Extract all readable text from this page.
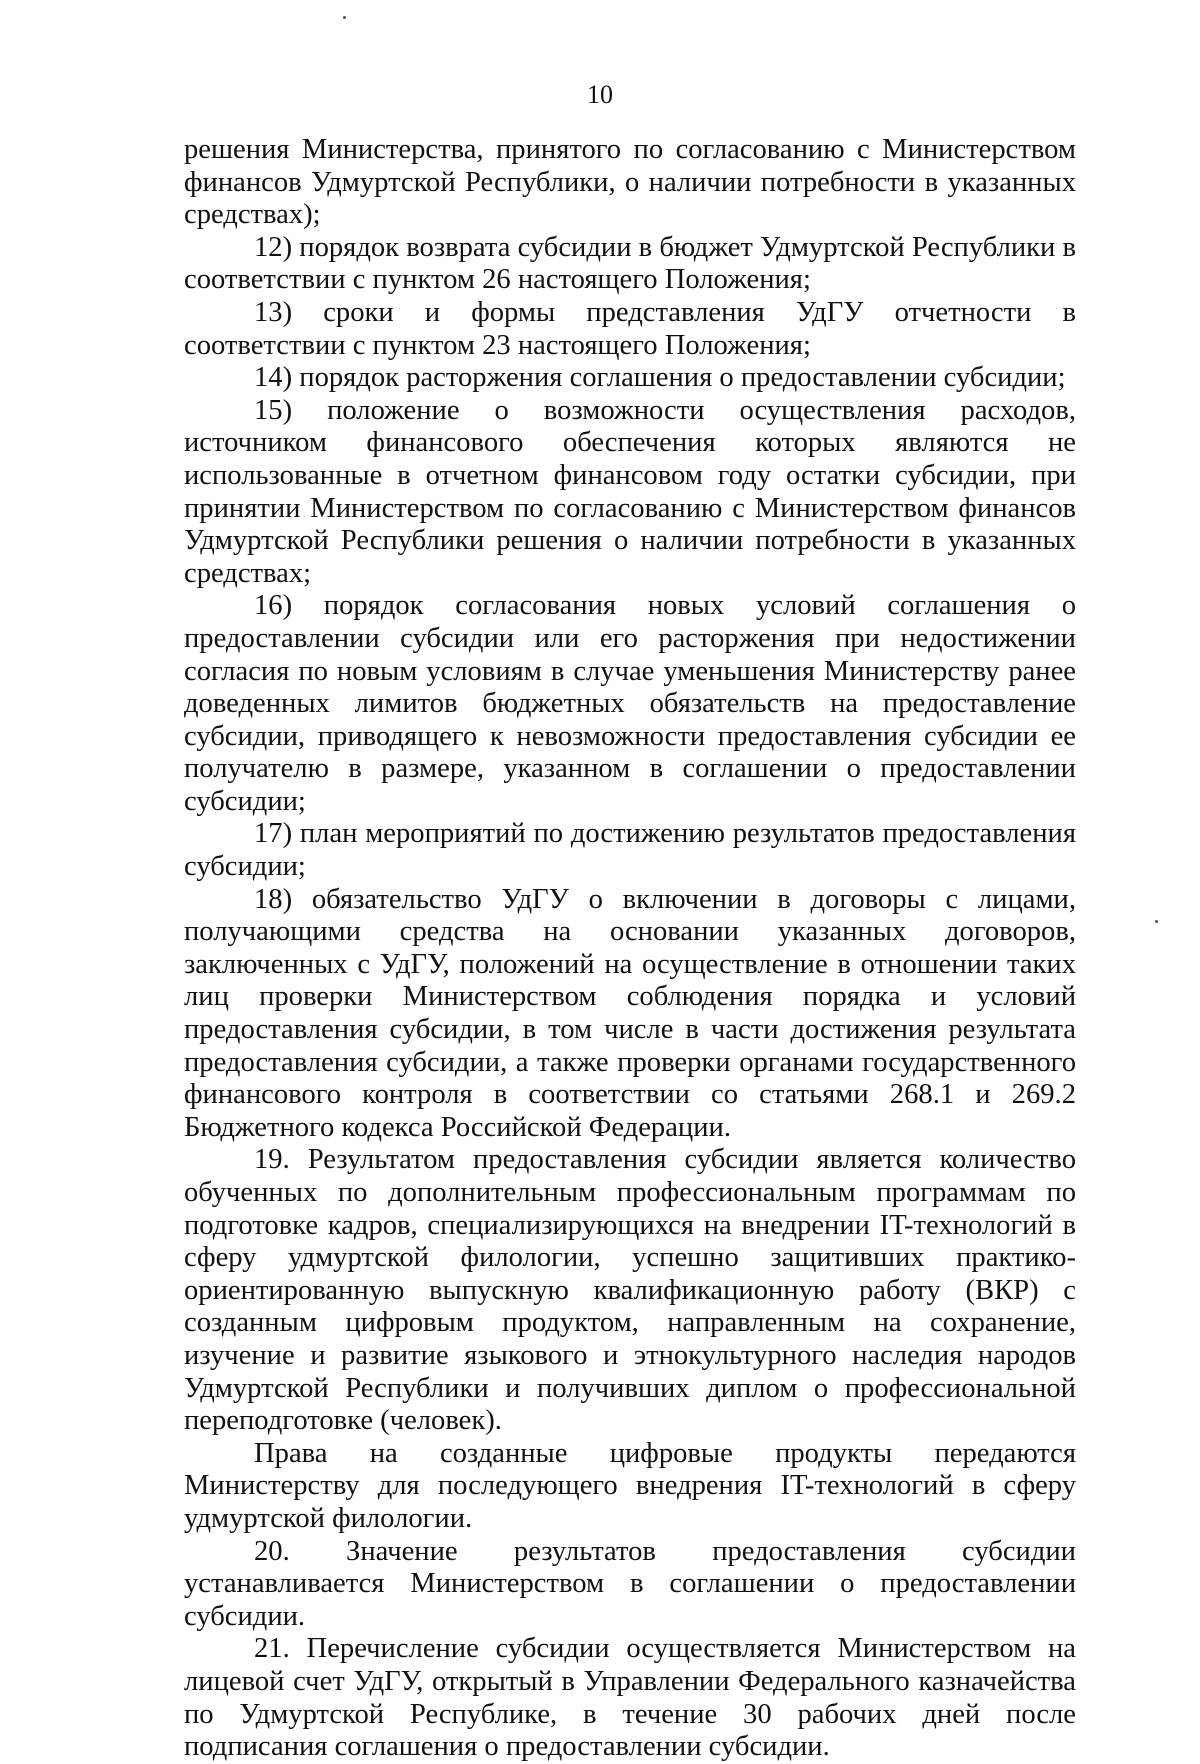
10

решения Министерства, принятого по согласованию с Министерством финансов Удмуртской Республики, о наличии потребности в указанных средствах);

12) порядок возврата субсидии в бюджет Удмуртской Республики в соответствии с пунктом 26 настоящего Положения;

13) сроки и формы представления УдГУ отчетности в соответствии с пунктом 23 настоящего Положения;

14) порядок расторжения соглашения о предоставлении субсидии;

15) положение о возможности осуществления расходов, источником финансового обеспечения которых являются не использованные в отчетном финансовом году остатки субсидии, при принятии Министерством по согласованию с Министерством финансов Удмуртской Республики решения о наличии потребности в указанных средствах;

16) порядок согласования новых условий соглашения о предоставлении субсидии или его расторжения при недостижении согласия по новым условиям в случае уменьшения Министерству ранее доведенных лимитов бюджетных обязательств на предоставление субсидии, приводящего к невозможности предоставления субсидии ее получателю в размере, указанном в соглашении о предоставлении субсидии;

17) план мероприятий по достижению результатов предоставления субсидии;

18) обязательство УдГУ о включении в договоры с лицами, получающими средства на основании указанных договоров, заключенных с УдГУ, положений на осуществление в отношении таких лиц проверки Министерством соблюдения порядка и условий предоставления субсидии, в том числе в части достижения результата предоставления субсидии, а также проверки органами государственного финансового контроля в соответствии со статьями 268.1 и 269.2 Бюджетного кодекса Российской Федерации.

19. Результатом предоставления субсидии является количество обученных по дополнительным профессиональным программам по подготовке кадров, специализирующихся на внедрении IT-технологий в сферу удмуртской филологии, успешно защитивших практико-ориентированную выпускную квалификационную работу (ВКР) с созданным цифровым продуктом, направленным на сохранение, изучение и развитие языкового и этнокультурного наследия народов Удмуртской Республики и получивших диплом о профессиональной переподготовке (человек).

Права на созданные цифровые продукты передаются Министерству для последующего внедрения IT-технологий в сферу удмуртской филологии.

20. Значение результатов предоставления субсидии устанавливается Министерством в соглашении о предоставлении субсидии.

21. Перечисление субсидии осуществляется Министерством на лицевой счет УдГУ, открытый в Управлении Федерального казначейства по Удмуртской Республике, в течение 30 рабочих дней после подписания соглашения о предоставлении субсидии.
